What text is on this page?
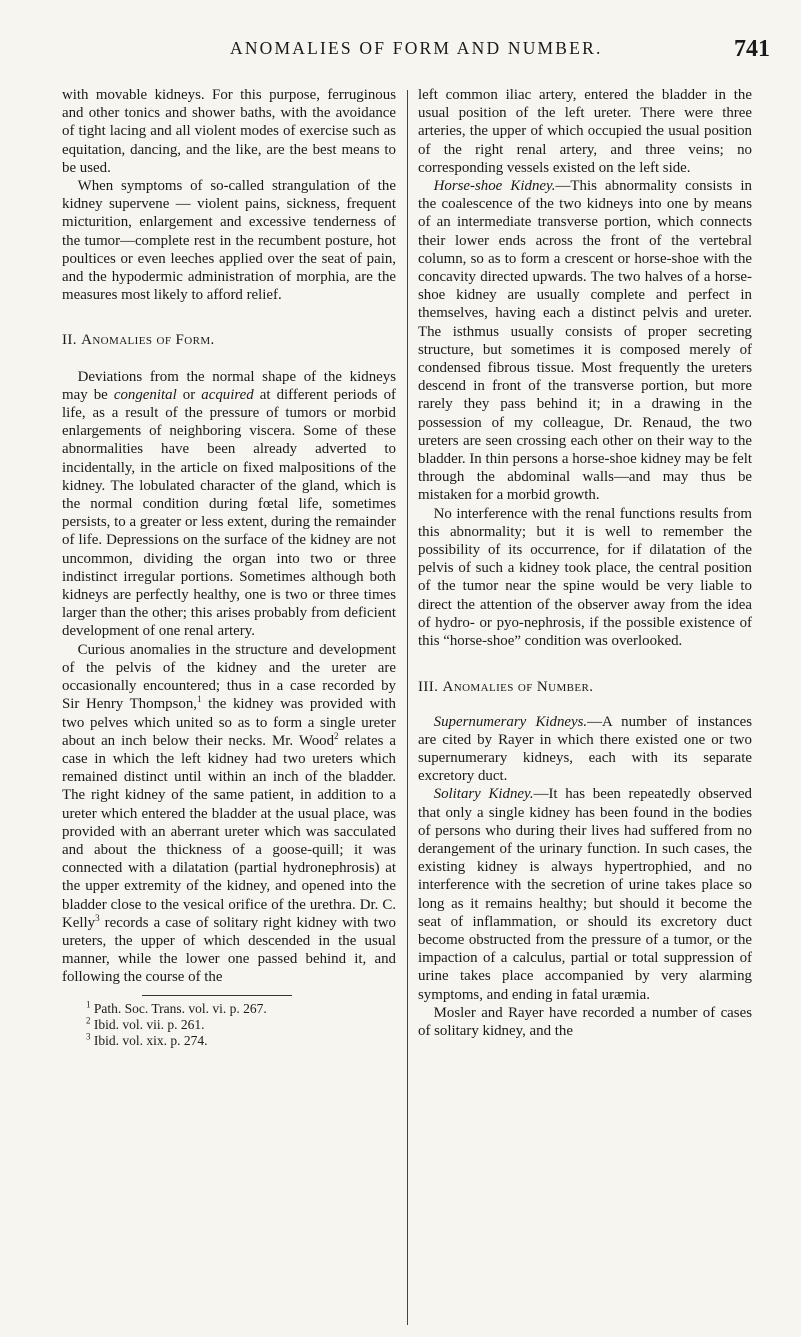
ANOMALIES OF FORM AND NUMBER.	741

with movable kidneys. For this purpose, ferruginous and other tonics and shower baths, with the avoidance of tight lacing and all violent modes of exercise such as equitation, dancing, and the like, are the best means to be used.

When symptoms of so-called strangulation of the kidney supervene — violent pains, sickness, frequent micturition, enlargement and excessive tenderness of the tumor—complete rest in the recumbent posture, hot poultices or even leeches applied over the seat of pain, and the hypodermic administration of morphia, are the measures most likely to afford relief.

II. Anomalies of Form.

Deviations from the normal shape of the kidneys may be congenital or acquired at different periods of life, as a result of the pressure of tumors or morbid enlargements of neighboring viscera. Some of these abnormalities have been already adverted to incidentally, in the article on fixed malpositions of the kidney. The lobulated character of the gland, which is the normal condition during fœtal life, sometimes persists, to a greater or less extent, during the remainder of life. Depressions on the surface of the kidney are not uncommon, dividing the organ into two or three indistinct irregular portions. Sometimes although both kidneys are perfectly healthy, one is two or three times larger than the other; this arises probably from deficient development of one renal artery.

Curious anomalies in the structure and development of the pelvis of the kidney and the ureter are occasionally encountered; thus in a case recorded by Sir Henry Thompson,$^1$ the kidney was provided with two pelves which united so as to form a single ureter about an inch below their necks. Mr. Wood$^2$ relates a case in which the left kidney had two ureters which remained distinct until within an inch of the bladder. The right kidney of the same patient, in addition to a ureter which entered the bladder at the usual place, was provided with an aberrant ureter which was sacculated and about the thickness of a goose-quill; it was connected with a dilatation (partial hydronephrosis) at the upper extremity of the kidney, and opened into the bladder close to the vesical orifice of the urethra. Dr. C. Kelly$^3$ records a case of solitary right kidney with two ureters, the upper of which descended in the usual manner, while the lower one passed behind it, and following the course of the

$^1$ Path. Soc. Trans. vol. vi. p. 267.
$^2$ Ibid. vol. vii. p. 261.
$^3$ Ibid. vol. xix. p. 274.

left common iliac artery, entered the bladder in the usual position of the left ureter. There were three arteries, the upper of which occupied the usual position of the right renal artery, and three veins; no corresponding vessels existed on the left side.

Horse-shoe Kidney.—This abnormality consists in the coalescence of the two kidneys into one by means of an intermediate transverse portion, which connects their lower ends across the front of the vertebral column, so as to form a crescent or horse-shoe with the concavity directed upwards. The two halves of a horse-shoe kidney are usually complete and perfect in themselves, having each a distinct pelvis and ureter. The isthmus usually consists of proper secreting structure, but sometimes it is composed merely of condensed fibrous tissue. Most frequently the ureters descend in front of the transverse portion, but more rarely they pass behind it; in a drawing in the possession of my colleague, Dr. Renaud, the two ureters are seen crossing each other on their way to the bladder. In thin persons a horse-shoe kidney may be felt through the abdominal walls—and may thus be mistaken for a morbid growth.

No interference with the renal functions results from this abnormality; but it is well to remember the possibility of its occurrence, for if dilatation of the pelvis of such a kidney took place, the central position of the tumor near the spine would be very liable to direct the attention of the observer away from the idea of hydro- or pyo-nephrosis, if the possible existence of this “horse-shoe” condition was overlooked.

III. Anomalies of Number.

Supernumerary Kidneys.—A number of instances are cited by Rayer in which there existed one or two supernumerary kidneys, each with its separate excretory duct.

Solitary Kidney.—It has been repeatedly observed that only a single kidney has been found in the bodies of persons who during their lives had suffered from no derangement of the urinary function. In such cases, the existing kidney is always hypertrophied, and no interference with the secretion of urine takes place so long as it remains healthy; but should it become the seat of inflammation, or should its excretory duct become obstructed from the pressure of a tumor, or the impaction of a calculus, partial or total suppression of urine takes place accompanied by very alarming symptoms, and ending in fatal uræmia.

Mosler and Rayer have recorded a number of cases of solitary kidney, and the
